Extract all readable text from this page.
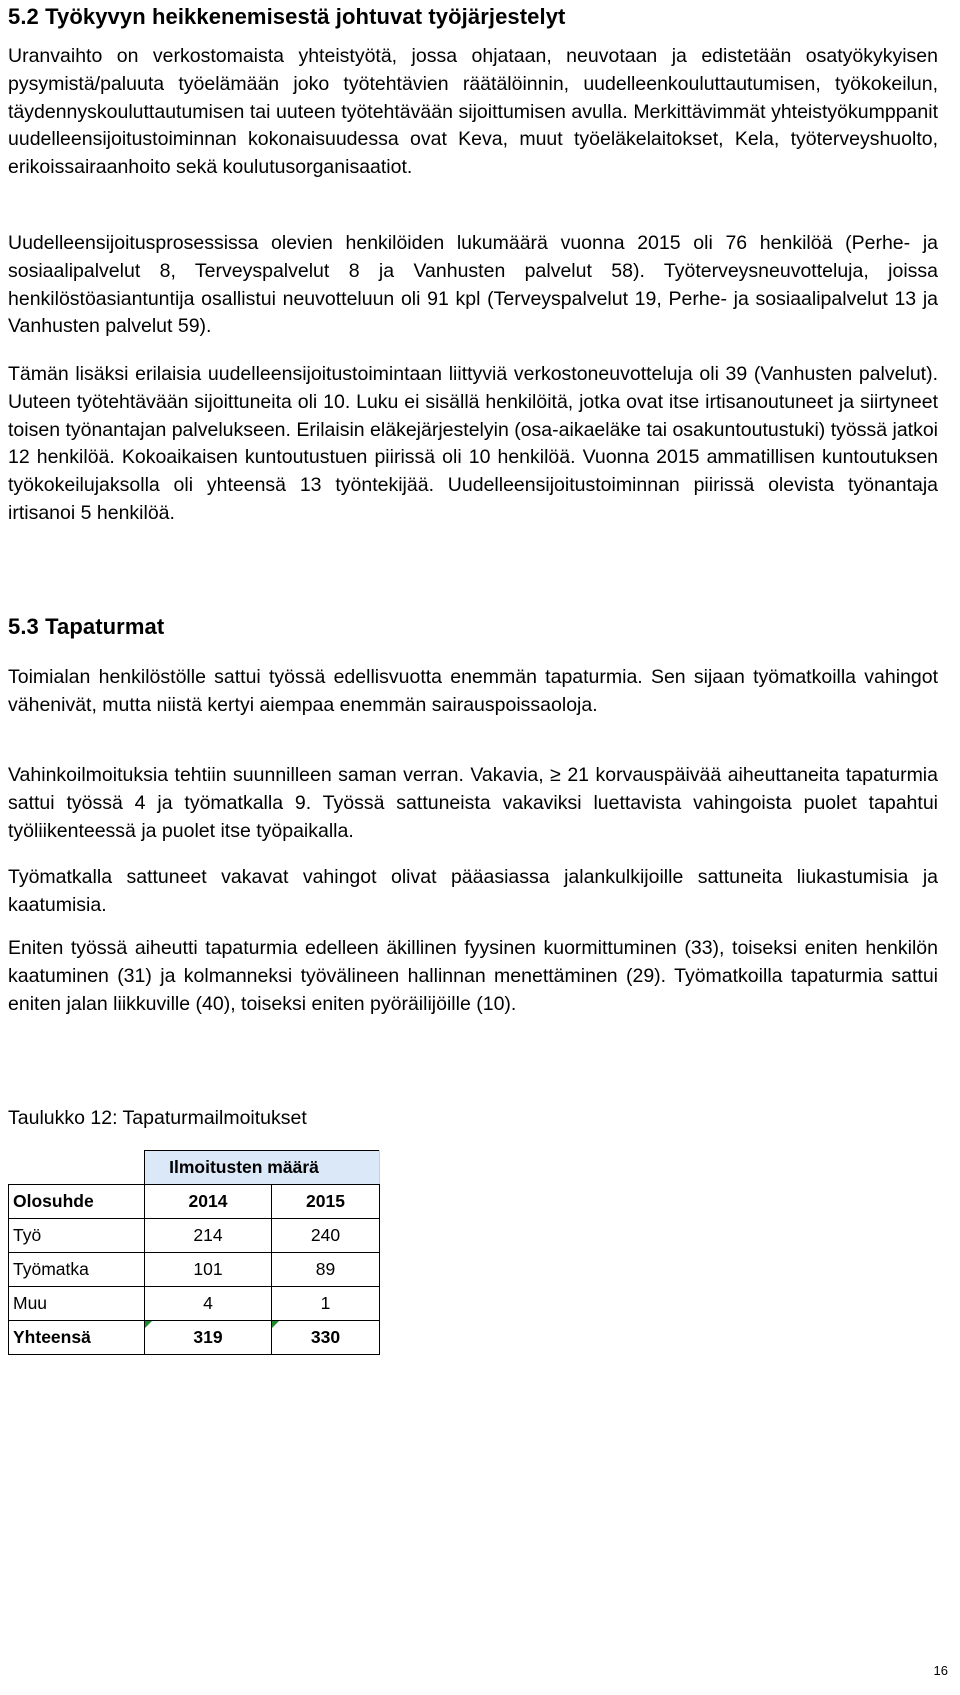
5.2 Työkyvyn heikkenemisestä johtuvat työjärjestelyt

Uranvaihto on verkostomaista yhteistyötä, jossa ohjataan, neuvotaan ja edistetään osatyökykyisen pysymistä/paluuta työelämään joko työtehtävien räätälöinnin, uudelleenkouluttautumisen, työkokeilun, täydennyskouluttautumisen tai uuteen työtehtävään sijoittumisen avulla. Merkittävimmät yhteistyökumppanit uudelleensijoitustoiminnan kokonaisuudessa ovat Keva, muut työeläkelaitokset, Kela, työterveyshuolto, erikoissairaanhoito sekä koulutusorganisaatiot.

Uudelleensijoitusprosessissa olevien henkilöiden lukumäärä vuonna 2015 oli 76 henkilöä (Perhe- ja sosiaalipalvelut 8, Terveyspalvelut 8 ja Vanhusten palvelut 58). Työterveysneuvotteluja, joissa henkilöstöasiantuntija osallistui neuvotteluun oli 91 kpl (Terveyspalvelut 19, Perhe- ja sosiaalipalvelut 13 ja Vanhusten palvelut 59).

Tämän lisäksi erilaisia uudelleensijoitustoimintaan liittyviä verkostoneuvotteluja oli 39 (Vanhusten palvelut). Uuteen työtehtävään sijoittuneita oli 10. Luku ei sisällä henkilöitä, jotka ovat itse irtisanoutuneet ja siirtyneet toisen työnantajan palvelukseen. Erilaisin eläkejärjestelyin (osa-aikaeläke tai osakuntoutustuki) työssä jatkoi 12 henkilöä. Kokoaikaisen kuntoutustuen piirissä oli 10 henkilöä. Vuonna 2015 ammatillisen kuntoutuksen työkokeilujaksolla oli yhteensä 13 työntekijää. Uudelleensijoitustoiminnan piirissä olevista työnantaja irtisanoi 5 henkilöä.

5.3 Tapaturmat

Toimialan henkilöstölle sattui työssä edellisvuotta enemmän tapaturmia. Sen sijaan työmatkoilla vahingot vähenivät, mutta niistä kertyi aiempaa enemmän sairauspoissaoloja.

Vahinkoilmoituksia tehtiin suunnilleen saman verran. Vakavia, ≥ 21 korvauspäivää aiheuttaneita tapaturmia sattui työssä 4 ja työmatkalla 9. Työssä sattuneista vakaviksi luettavista vahingoista puolet tapahtui työliikenteessä ja puolet itse työpaikalla.

Työmatkalla sattuneet vakavat vahingot olivat pääasiassa jalankulkijoille sattuneita liukastumisia ja kaatumisia.

Eniten työssä aiheutti tapaturmia edelleen äkillinen fyysinen kuormittuminen (33), toiseksi eniten henkilön kaatuminen (31) ja kolmanneksi työvälineen hallinnan menettäminen (29). Työmatkoilla tapaturmia sattui eniten jalan liikkuville (40), toiseksi eniten pyöräilijöille (10).

Taulukko 12: Tapaturmailmoitukset
	Ilmoitusten määrä	
Olosuhde	2014	2015
Työ	214	240
Työmatka	101	89
Muu	4	1
Yhteensä	319	330
16
